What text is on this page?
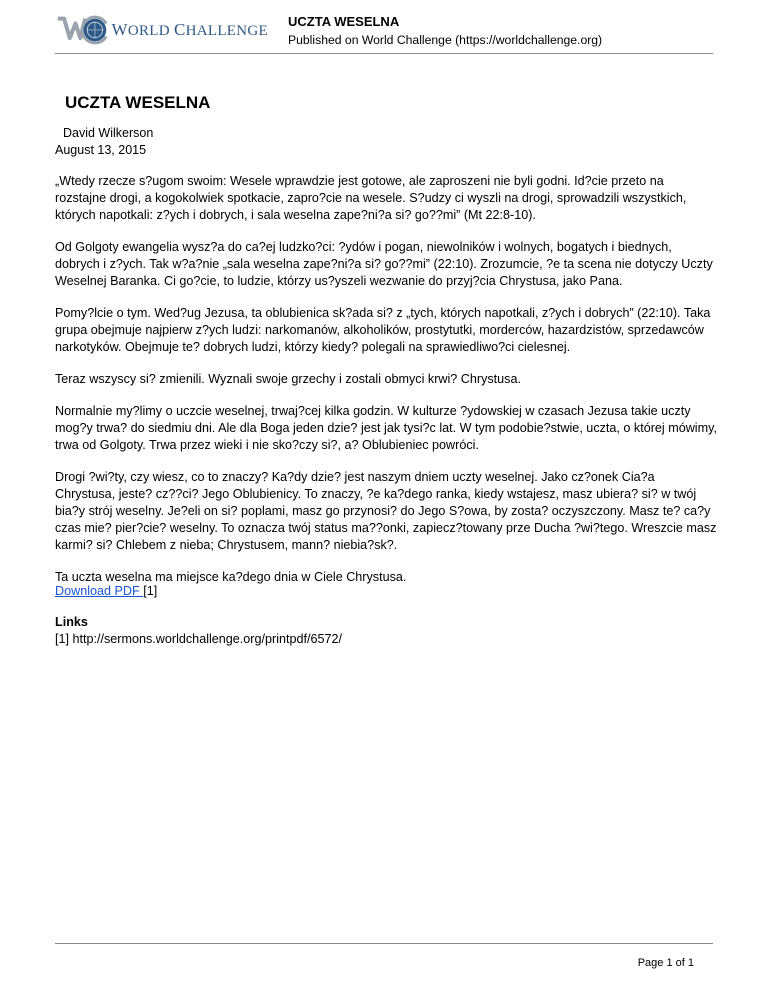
WORLD CHALLENGE
UCZTA WESELNA
Published on World Challenge (https://worldchallenge.org)
UCZTA WESELNA
David Wilkerson
August 13, 2015

„Wtedy rzecze s?ugom swoim: Wesele wprawdzie jest gotowe, ale zaproszeni nie byli godni. Id?cie przeto na rozstajne drogi, a kogokolwiek spotkacie, zapro?cie na wesele. S?udzy ci wyszli na drogi, sprowadzili wszystkich, których napotkali: z?ych i dobrych, i sala weselna zape?ni?a si? go??mi” (Mt 22:8-10).

Od Golgoty ewangelia wysz?a do ca?ej ludzko?ci: ?ydów i pogan, niewolników i wolnych, bogatych i biednych, dobrych i z?ych. Tak w?a?nie „sala weselna zape?ni?a si? go??mi” (22:10). Zrozumcie, ?e ta scena nie dotyczy Uczty Weselnej Baranka. Ci go?cie, to ludzie, którzy us?yszeli wezwanie do przyj?cia Chrystusa, jako Pana.

Pomy?lcie o tym. Wed?ug Jezusa, ta oblubienica sk?ada si? z „tych, których napotkali, z?ych i dobrych” (22:10). Taka grupa obejmuje najpierw z?ych ludzi: narkomanów, alkoholików, prostytutki, morderców, hazardzistów, sprzedawców narkotyków. Obejmuje te? dobrych ludzi, którzy kiedy? polegali na sprawiedliwo?ci cielesnej.

Teraz wszyscy si? zmienili. Wyznali swoje grzechy i zostali obmyci krwi? Chrystusa.

Normalnie my?limy o uczcie weselnej, trwaj?cej kilka godzin. W kulturze ?ydowskiej w czasach Jezusa takie uczty mog?y trwa? do siedmiu dni. Ale dla Boga jeden dzie? jest jak tysi?c lat. W tym podobie?stwie, uczta, o której mówimy, trwa od Golgoty. Trwa przez wieki i nie sko?czy si?, a? Oblubieniec powróci.

Drogi ?wi?ty, czy wiesz, co to znaczy? Ka?dy dzie? jest naszym dniem uczty weselnej. Jako cz?onek Cia?a Chrystusa, jeste? cz??ci? Jego Oblubienicy. To znaczy, ?e ka?dego ranka, kiedy wstajesz, masz ubiera? si? w twój bia?y strój weselny. Je?eli on si? poplami, masz go przynosi? do Jego S?owa, by zosta? oczyszczony. Masz te? ca?y czas mie? pier?cie? weselny. To oznacza twój status ma??onki, zapiecz?towany prze Ducha ?wi?tego. Wreszcie masz karmi? si? Chlebem z nieba; Chrystusem, mann? niebia?sk?.

Ta uczta weselna ma miejsce ka?dego dnia w Ciele Chrystusa.

Download PDF [1]
Links
[1] http://sermons.worldchallenge.org/printpdf/6572/
Page 1 of 1
